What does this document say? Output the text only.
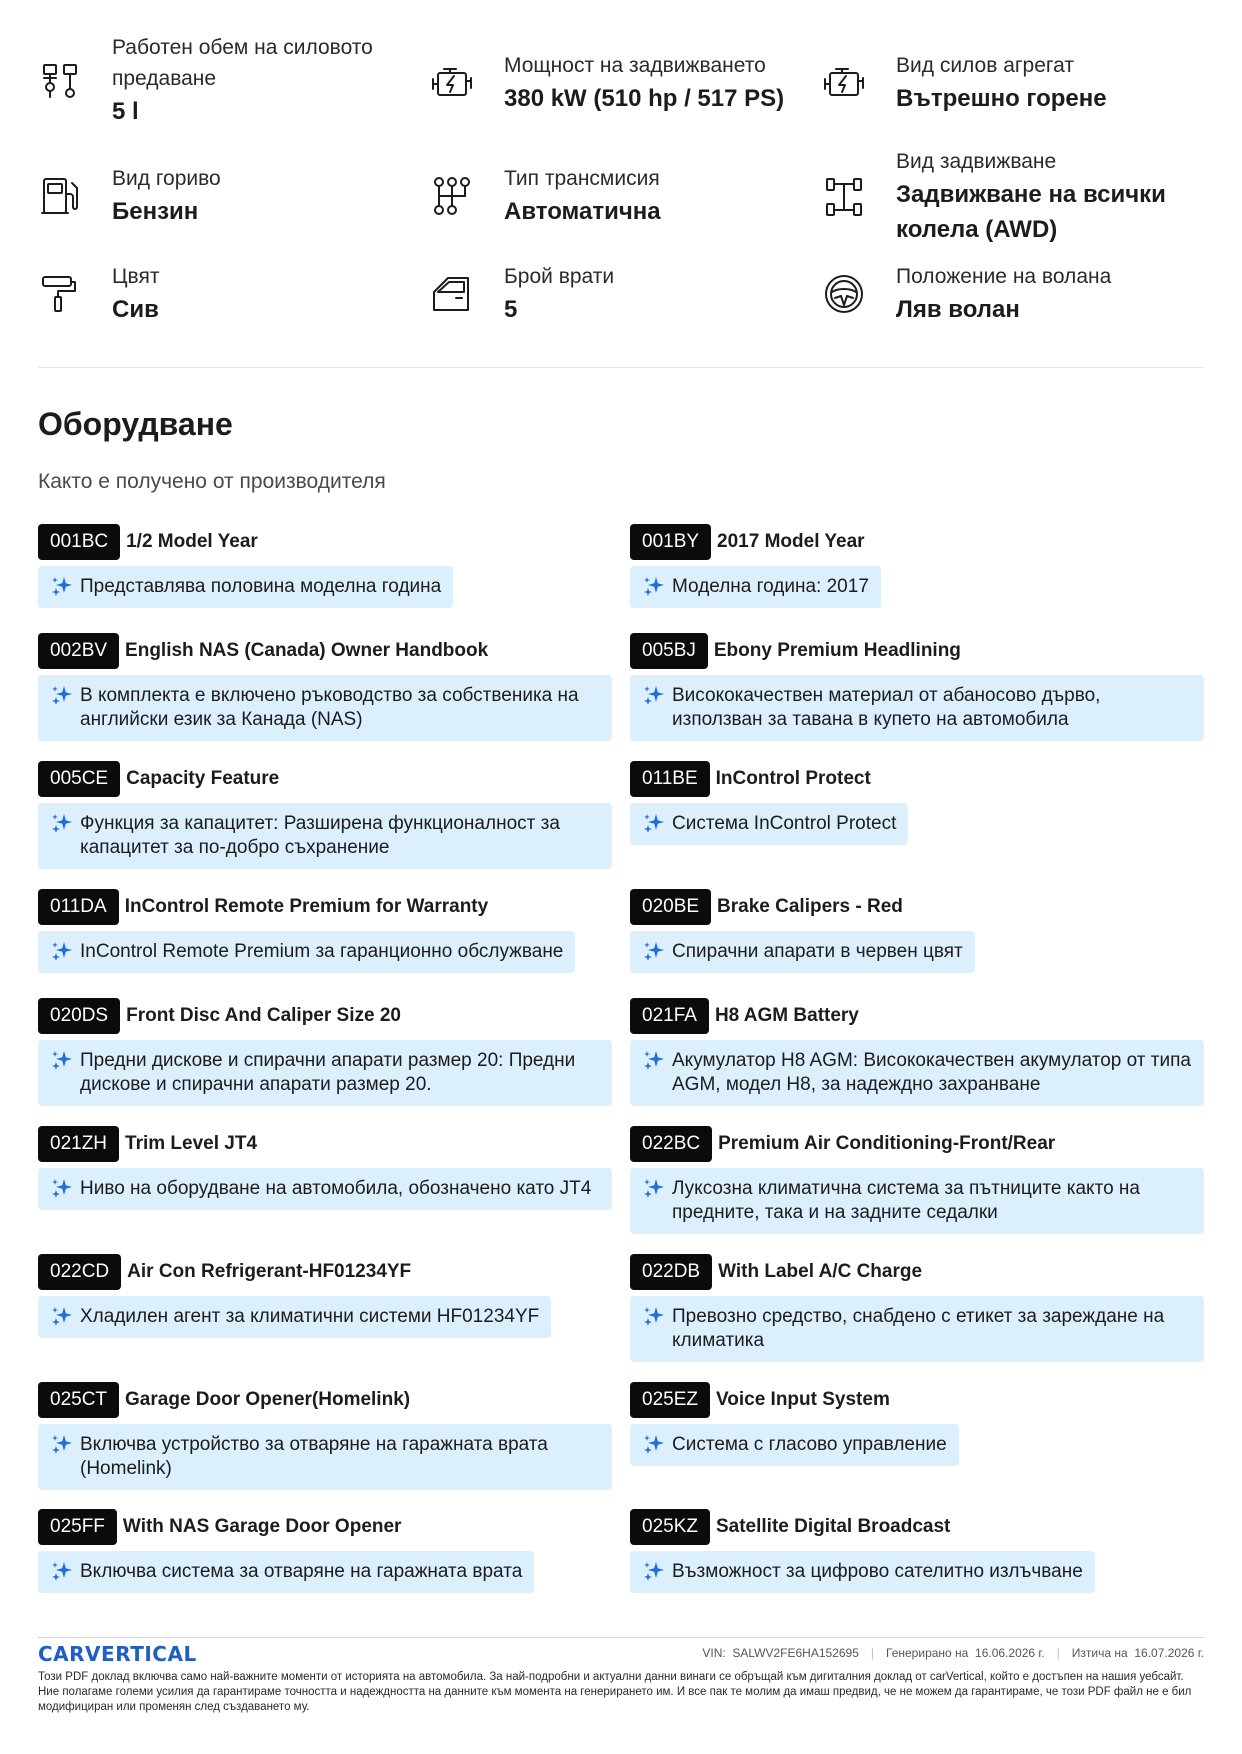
Работен обем на силовото предаване
5 l
Мощност на задвижването
380 kW (510 hp / 517 PS)
Вид силов агрегат
Вътрешно горене
Вид гориво
Бензин
Тип трансмисия
Автоматична
Вид задвижване
Задвижване на всички колела (AWD)
Цвят
Сив
Брой врати
5
Положение на волана
Ляв волан
Оборудване
Както е получено от производителя
001BC 1/2 Model Year
Представлява половина моделна година
001BY 2017 Model Year
Моделна година: 2017
002BV English NAS (Canada) Owner Handbook
В комплекта е включено ръководство за собственика на английски език за Канада (NAS)
005BJ Ebony Premium Headlining
Висококачествен материал от абаносово дърво, използван за тавана в купето на автомобила
005CE Capacity Feature
Функция за капацитет: Разширена функционалност за капацитет за по-добро съхранение
011BE InControl Protect
Система InControl Protect
011DA InControl Remote Premium for Warranty
InControl Remote Premium за гаранционно обслужване
020BE Brake Calipers - Red
Спирачни апарати в червен цвят
020DS Front Disc And Caliper Size 20
Предни дискове и спирачни апарати размер 20: Предни дискове и спирачни апарати размер 20.
021FA H8 AGM Battery
Акумулатор H8 AGM: Висококачествен акумулатор от типа AGM, модел H8, за надеждно захранване
021ZH Trim Level JT4
Ниво на оборудване на автомобила, обозначено като JT4
022BC Premium Air Conditioning-Front/Rear
Луксозна климатична система за пътниците както на предните, така и на задните седалки
022CD Air Con Refrigerant-HF01234YF
Хладилен агент за климатични системи HF01234YF
022DB With Label A/C Charge
Превозно средство, снабдено с етикет за зареждане на климатика
025CT Garage Door Opener(Homelink)
Включва устройство за отваряне на гаражната врата (Homelink)
025EZ Voice Input System
Система с гласово управление
025FF With NAS Garage Door Opener
Включва система за отваряне на гаражната врата
025KZ Satellite Digital Broadcast
Възможност за цифрово сателитно излъчване
CARVERTICAL	VIN:
SALWV2FE6HA152695 | Генерирано на
16.06.2026 г. | Изтича на
16.07.2026 г.
Този PDF доклад включва само най-важните моменти от историята на автомобила. За най-подробни и актуални данни винаги се обръщай към дигиталния доклад от carVertical, който е достъпен на нашия уебсайт. Ние полагаме големи усилия да гарантираме точността и надеждността на данните към момента на генерирането им. И все пак те молим да имаш предвид, че не можем да гарантираме, че този PDF файл не е бил модифициран или променян след създаването му.
